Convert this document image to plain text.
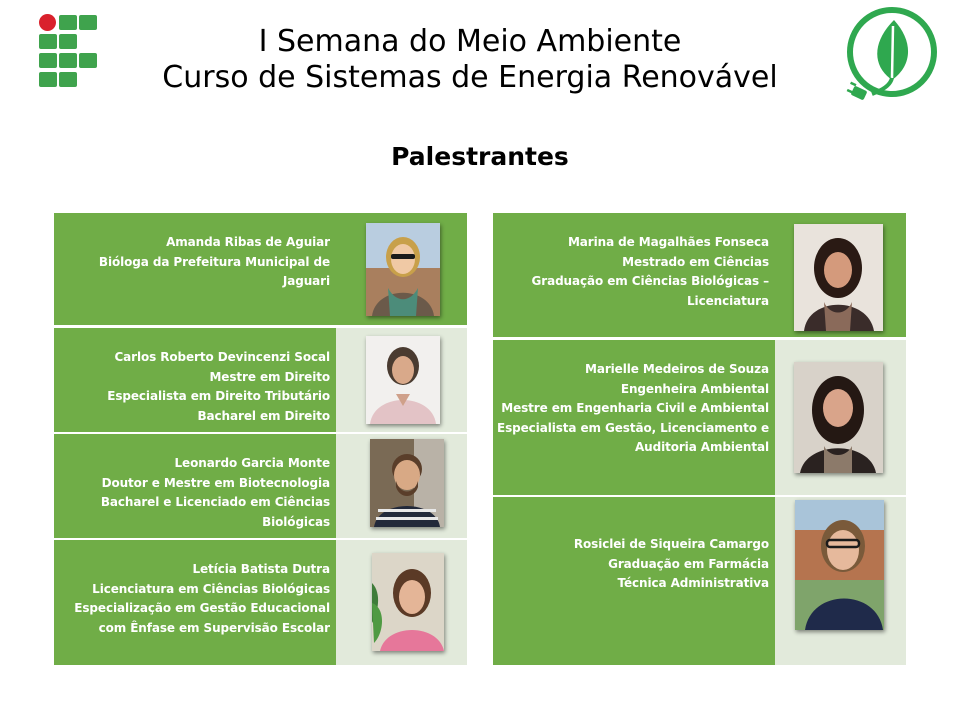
I Semana do Meio Ambiente
Curso de Sistemas de Energia Renovável
Palestrantes
Amanda Ribas de Aguiar
Bióloga da Prefeitura Municipal de
Jaguari
Carlos Roberto Devincenzi Socal
Mestre em Direito
Especialista em Direito Tributário
Bacharel em Direito
Leonardo Garcia Monte
Doutor e Mestre em Biotecnologia
Bacharel e Licenciado em Ciências
Biológicas
Letícia Batista Dutra
Licenciatura em Ciências Biológicas
Especialização em Gestão Educacional
com Ênfase em Supervisão Escolar
Marina de Magalhães Fonseca
Mestrado em Ciências
Graduação em Ciências Biológicas –
Licenciatura
Marielle Medeiros de Souza
Engenheira Ambiental
Mestre em Engenharia Civil e Ambiental
Especialista em Gestão, Licenciamento e
Auditoria Ambiental
Rosiclei de Siqueira Camargo
Graduação em Farmácia
Técnica Administrativa
